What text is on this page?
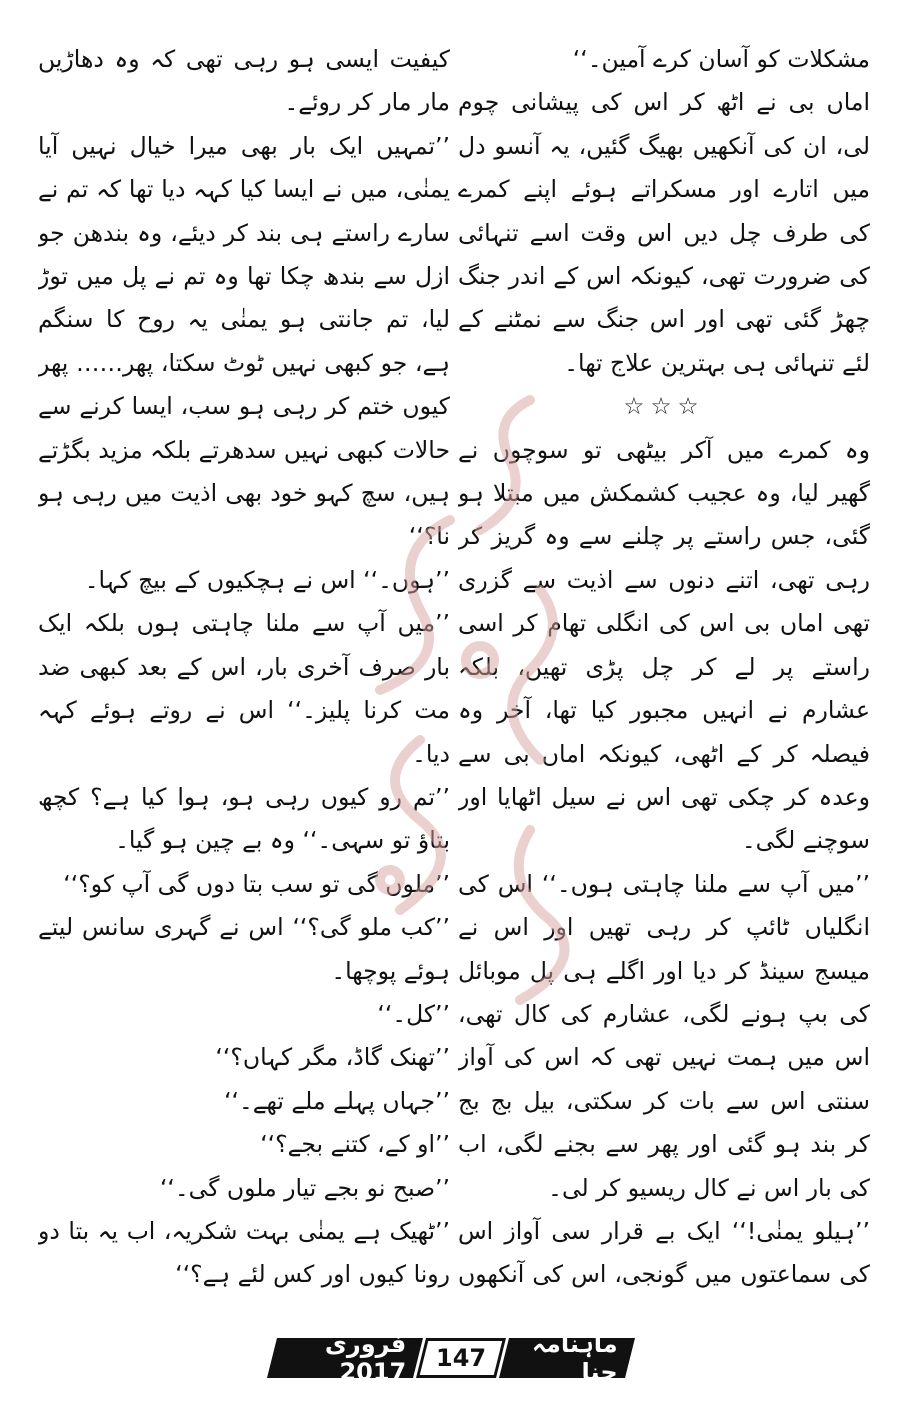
مشکلات کو آسان کرے آمین۔‘‘

اماں بی نے اٹھ کر اس کی پیشانی چوم لی، ان کی آنکھیں بھیگ گئیں، یہ آنسو دل میں اتارے اور مسکراتے ہوئے اپنے کمرے کی طرف چل دیں اس وقت اسے تنہائی کی ضرورت تھی، کیونکہ اس کے اندر جنگ چھڑ گئی تھی اور اس جنگ سے نمٹنے کے لئے تنہائی ہی بہترین علاج تھا۔

☆☆☆

وہ کمرے میں آکر بیٹھی تو سوچوں نے گھیر لیا، وہ عجیب کشمکش میں مبتلا ہو گئی، جس راستے پر چلنے سے وہ گریز کر رہی تھی، اتنے دنوں سے اذیت سے گزری تھی اماں بی اس کی انگلی تھام کر اسی راستے پر لے کر چل پڑی تھیں، بلکہ عشارم نے انہیں مجبور کیا تھا، آخر وہ فیصلہ کر کے اٹھی، کیونکہ اماں بی سے وعدہ کر چکی تھی اس نے سیل اٹھایا اور سوچنے لگی۔

’’میں آپ سے ملنا چاہتی ہوں۔‘‘ اس کی انگلیاں ٹائپ کر رہی تھیں اور اس نے میسج سینڈ کر دیا اور اگلے ہی پل موبائل کی بپ ہونے لگی، عشارم کی کال تھی، اس میں ہمت نہیں تھی کہ اس کی آواز سنتی اس سے بات کر سکتی، بیل بج بج کر بند ہو گئی اور پھر سے بجنے لگی، اب کی بار اس نے کال ریسیو کر لی۔

’’ہیلو یمنٰی!‘‘ ایک بے قرار سی آواز اس کی سماعتوں میں گونجی، اس کی آنکھوں

کیفیت ایسی ہو رہی تھی کہ وہ دھاڑیں مار مار کر روئے۔

’’تمہیں ایک بار بھی میرا خیال نہیں آیا یمنٰی، میں نے ایسا کیا کہہ دیا تھا کہ تم نے سارے راستے ہی بند کر دیئے، وہ بندھن جو ازل سے بندھ چکا تھا وہ تم نے پل میں توڑ لیا، تم جانتی ہو یمنٰی یہ روح کا سنگم ہے، جو کبھی نہیں ٹوٹ سکتا، پھر…… پھر کیوں ختم کر رہی ہو سب، ایسا کرنے سے حالات کبھی نہیں سدھرتے بلکہ مزید بگڑتے ہیں، سچ کہو خود بھی اذیت میں رہی ہو نا؟‘‘

’’ہوں۔‘‘ اس نے ہچکیوں کے بیچ کہا۔

’’میں آپ سے ملنا چاہتی ہوں بلکہ ایک بار صرف آخری بار، اس کے بعد کبھی ضد مت کرنا پلیز۔‘‘ اس نے روتے ہوئے کہہ دیا۔

’’تم رو کیوں رہی ہو، ہوا کیا ہے؟ کچھ بتاؤ تو سہی۔‘‘ وہ بے چین ہو گیا۔

’’ملوں گی تو سب بتا دوں گی آپ کو؟‘‘

’’کب ملو گی؟‘‘ اس نے گہری سانس لیتے ہوئے پوچھا۔

’’کل۔‘‘

’’تھنک گاڈ، مگر کہاں؟‘‘

’’جہاں پہلے ملے تھے۔‘‘

’’او کے، کتنے بجے؟‘‘

’’صبح نو بجے تیار ملوں گی۔‘‘

’’ٹھیک ہے یمنٰی بہت شکریہ، اب یہ بتا دو رونا کیوں اور کس لئے ہے؟‘‘

ماہنامہ حنا
147
فروری 2017
